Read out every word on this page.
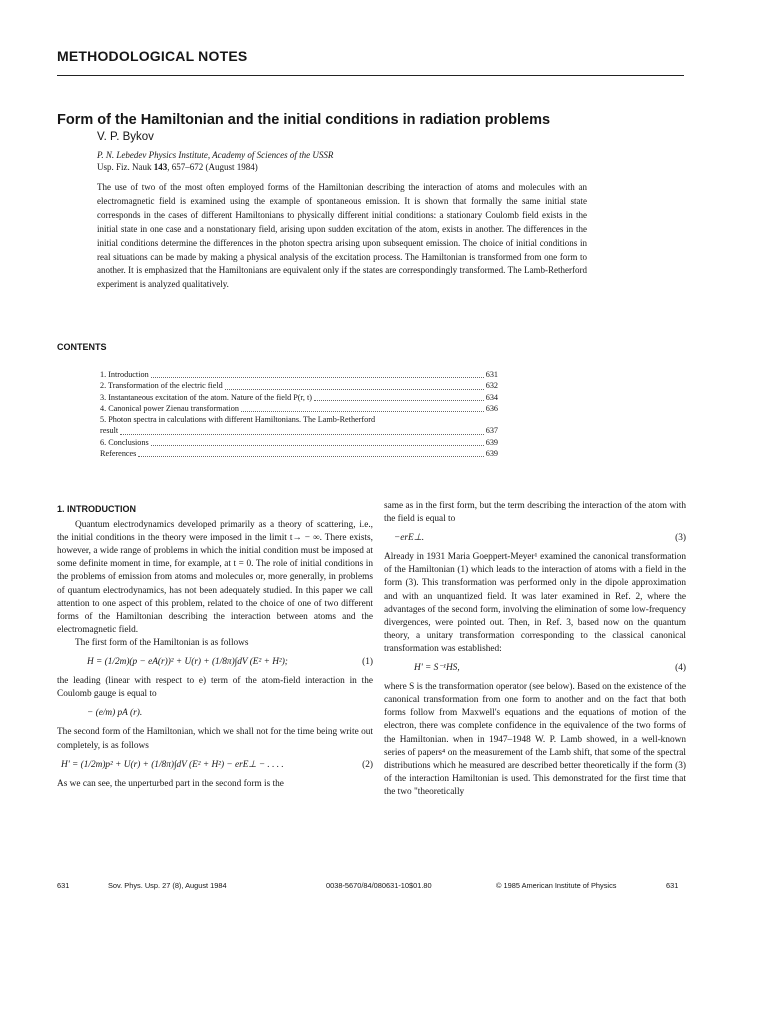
METHODOLOGICAL NOTES
Form of the Hamiltonian and the initial conditions in radiation problems
V. P. Bykov
P. N. Lebedev Physics Institute, Academy of Sciences of the USSR
Usp. Fiz. Nauk 143, 657–672 (August 1984)
The use of two of the most often employed forms of the Hamiltonian describing the interaction of atoms and molecules with an electromagnetic field is examined using the example of spontaneous emission. It is shown that formally the same initial state corresponds in the cases of different Hamiltonians to physically different initial conditions: a stationary Coulomb field exists in the initial state in one case and a nonstationary field, arising upon sudden excitation of the atom, exists in another. The differences in the initial conditions determine the differences in the photon spectra arising upon subsequent emission. The choice of initial conditions in real situations can be made by making a physical analysis of the excitation process. The Hamiltonian is transformed from one form to another. It is emphasized that the Hamiltonians are equivalent only if the states are correspondingly transformed. The Lamb-Retherford experiment is analyzed qualitatively.
CONTENTS
1. Introduction	631
2. Transformation of the electric field	632
3. Instantaneous excitation of the atom. Nature of the field P(r, t)	634
4. Canonical power Zienau transformation	636
5. Photon spectra in calculations with different Hamiltonians. The Lamb-Retherford
result	637
6. Conclusions	639
References	639
1. INTRODUCTION

Quantum electrodynamics developed primarily as a theory of scattering, i.e., the initial conditions in the theory were imposed in the limit t→ − ∞. There exists, however, a wide range of problems in which the initial condition must be imposed at some definite moment in time, for example, at t = 0. The role of initial conditions in the problems of emission from atoms and molecules or, more generally, in problems of quantum electrodynamics, has not been adequately studied. In this paper we call attention to one aspect of this problem, related to the choice of one of two different forms of the Hamiltonian describing the interaction between atoms and the electromagnetic field.

The first form of the Hamiltonian is as follows

H = (1/2m)(p − eA(r))² + U(r) + (1/8π)∫dV (E² + H²);	(1)

the leading (linear with respect to e) term of the atom-field interaction in the Coulomb gauge is equal to

− (e/m) pA (r).

The second form of the Hamiltonian, which we shall not for the time being write out completely, is as follows

H' = (1/2m)p² + U(r) + (1/8π)∫dV (E² + H²) − erE⊥ − . . . .	(2)

As we can see, the unperturbed part in the second form is the

same as in the first form, but the term describing the interaction of the atom with the field is equal to

−erE⊥.	(3)

Already in 1931 Maria Goeppert-Meyer¹ examined the canonical transformation of the Hamiltonian (1) which leads to the interaction of atoms with a field in the form (3). This transformation was performed only in the dipole approximation and with an unquantized field. It was later examined in Ref. 2, where the advantages of the second form, involving the elimination of some low-frequency divergences, were pointed out. Then, in Ref. 3, based now on the quantum theory, a unitary transformation corresponding to the classical canonical transformation was established:

H' = S⁻¹HS,	(4)

where S is the transformation operator (see below). Based on the existence of the canonical transformation from one form to another and on the fact that both forms follow from Maxwell's equations and the equations of motion of the electron, there was complete confidence in the equivalence of the two forms of the Hamiltonian. when in 1947–1948 W. P. Lamb showed, in a well-known series of papers⁴ on the measurement of the Lamb shift, that some of the spectral distributions which he measured are described better theoretically if the form (3) of the interaction Hamiltonian is used. This demonstrated for the first time that the two "theoretically

631	Sov. Phys. Usp. 27 (8), August 1984	0038-5670/84/080631-10$01.80	© 1985 American Institute of Physics	631
